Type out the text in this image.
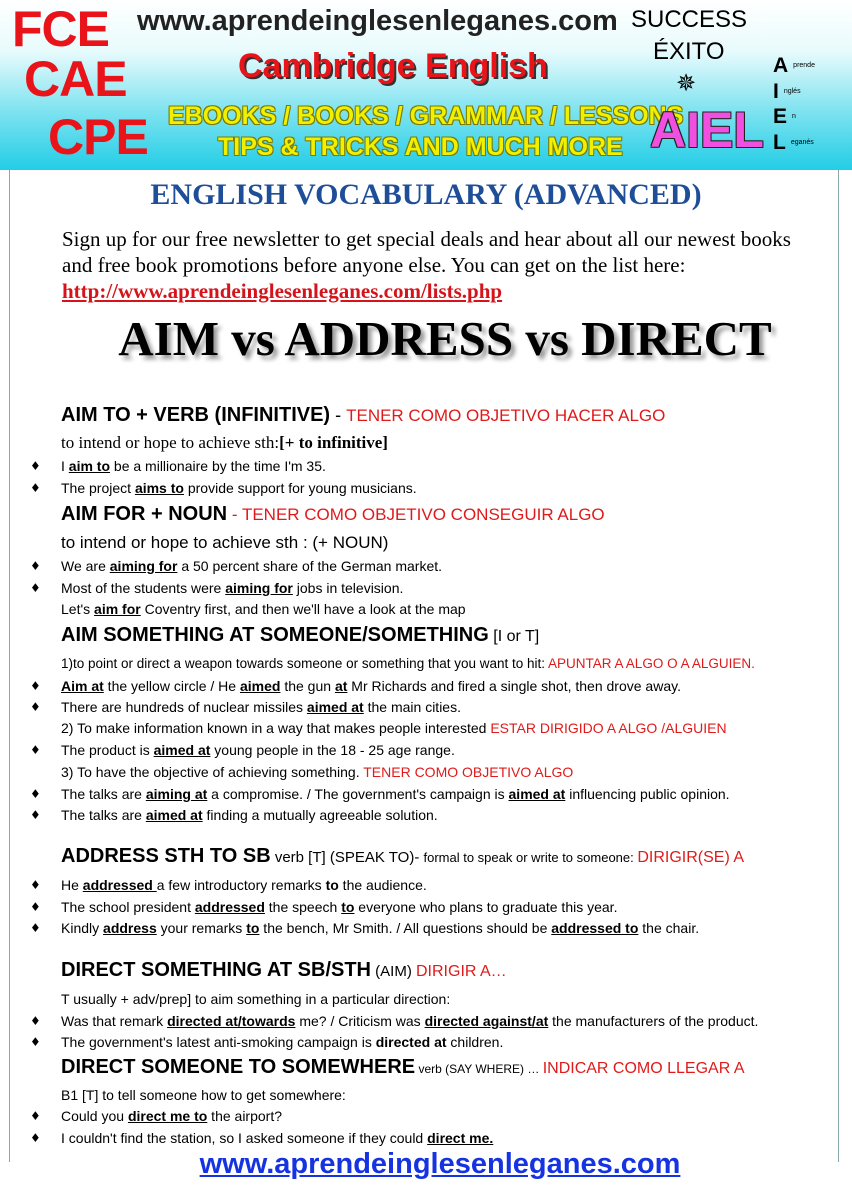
FCE
CAE
CPE
www.aprendeinglesenleganes.com
Cambridge English
EBOOKS / BOOKS / GRAMMAR / LESSONS
TIPS & TRICKS AND MUCH MORE
SUCCESS
ÉXITO
✵
AIEL
Aprende
Inglés
En
Leganés
ENGLISH VOCABULARY (ADVANCED)
Sign up for our free newsletter to get special deals and hear about all our newest books and free book promotions before anyone else. You can get on the list here: http://www.aprendeinglesenleganes.com/lists.php
AIM vs ADDRESS vs DIRECT
AIM TO + VERB (INFINITIVE) - TENER COMO OBJETIVO HACER ALGO
to intend or hope to achieve sth:[+ to infinitive]
♦ I aim to be a millionaire by the time I'm 35.
♦ The project aims to provide support for young musicians.
AIM FOR + NOUN - TENER COMO OBJETIVO CONSEGUIR ALGO
to intend or hope to achieve sth : (+ NOUN)
♦ We are aiming for a 50 percent share of the German market.
♦ Most of the students were aiming for jobs in television.
Let's aim for Coventry first, and then we'll have a look at the map
AIM SOMETHING AT SOMEONE/SOMETHING [I or T]
1)to point or direct a weapon towards someone or something that you want to hit: APUNTAR A ALGO O A ALGUIEN.
♦ Aim at the yellow circle / He aimed the gun at Mr Richards and fired a single shot, then drove away.
♦ There are hundreds of nuclear missiles aimed at the main cities.
2) To make information known in a way that makes people interested ESTAR DIRIGIDO A ALGO /ALGUIEN
♦ The product is aimed at young people in the 18 - 25 age range.
3) To have the objective of achieving something. TENER COMO OBJETIVO ALGO
♦ The talks are aiming at a compromise. / The government's campaign is aimed at influencing public opinion.
♦ The talks are aimed at finding a mutually agreeable solution.
ADDRESS STH TO SB verb [T] (SPEAK TO)- formal to speak or write to someone: DIRIGIR(SE) A
♦ He addressed a few introductory remarks to the audience.
♦ The school president addressed the speech to everyone who plans to graduate this year.
♦ Kindly address your remarks to the bench, Mr Smith. / All questions should be addressed to the chair.
DIRECT SOMETHING AT SB/STH (AIM) DIRIGIR A…
T usually + adv/prep] to aim something in a particular direction:
♦ Was that remark directed at/towards me? / Criticism was directed against/at the manufacturers of the product.
♦ The government's latest anti-smoking campaign is directed at children.
DIRECT SOMEONE TO SOMEWHERE verb (SAY WHERE) … INDICAR COMO LLEGAR A
B1 [T] to tell someone how to get somewhere:
♦ Could you direct me to the airport?
♦ I couldn't find the station, so I asked someone if they could direct me.
www.aprendeinglesenleganes.com
